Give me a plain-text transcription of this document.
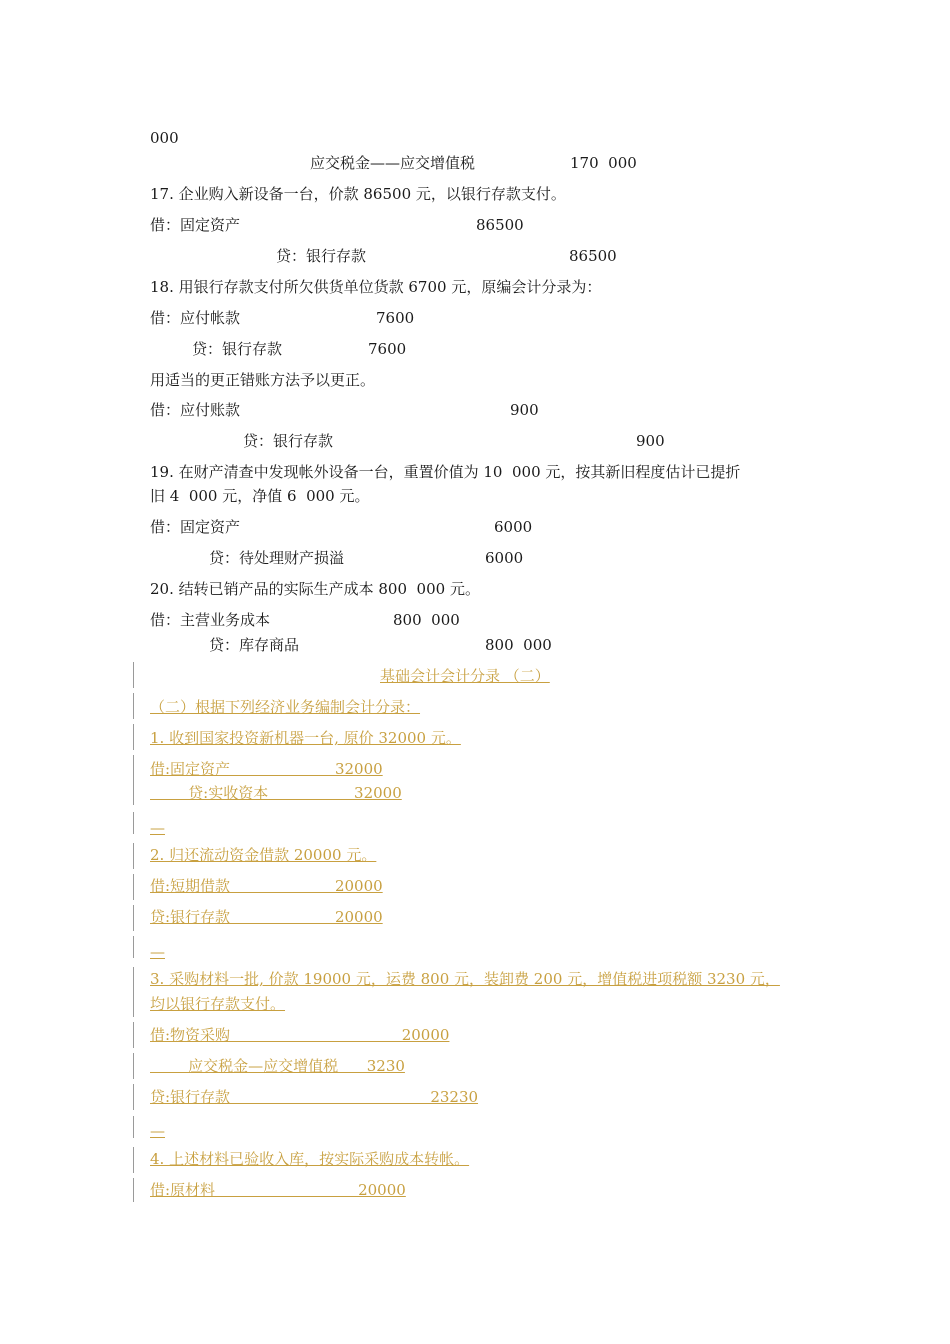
000
应交税金——应交增值税	170  000
17. 企业购入新设备一台，价款 86500 元，以银行存款支付。
借：固定资产	86500
贷：银行存款	86500
18. 用银行存款支付所欠供货单位货款 6700 元，原编会计分录为：
借：应付帐款	7600
贷：银行存款	7600
用适当的更正错账方法予以更正。
借：应付账款	900
贷：银行存款	900
19. 在财产清查中发现帐外设备一台，重置价值为 10  000 元，按其新旧程度估计已提折
旧 4  000 元，净值 6  000 元。
借：固定资产	6000
贷：待处理财产损溢	6000
20. 结转已销产品的实际生产成本 800  000 元。
借：主营业务成本	800  000
贷：库存商品	800  000
基础会计会计分录 （二）
（二）根据下列经济业务编制会计分录：
1. 收到国家投资新机器一台, 原价 32000 元。
借:固定资产                      32000
贷:实收资本                  32000
—
2. 归还流动资金借款 20000 元。
借:短期借款                      20000
贷:银行存款                      20000
—
3. 采购材料一批, 价款 19000 元，运费 800 元，装卸费 200 元，增值税进项税额 3230 元，
均以银行存款支付。
借:物资采购                                    20000
应交税金—应交增值税      3230
贷:银行存款                                          23230
—
4. 上述材料已验收入库，按实际采购成本转帐。
借:原材料                              20000
